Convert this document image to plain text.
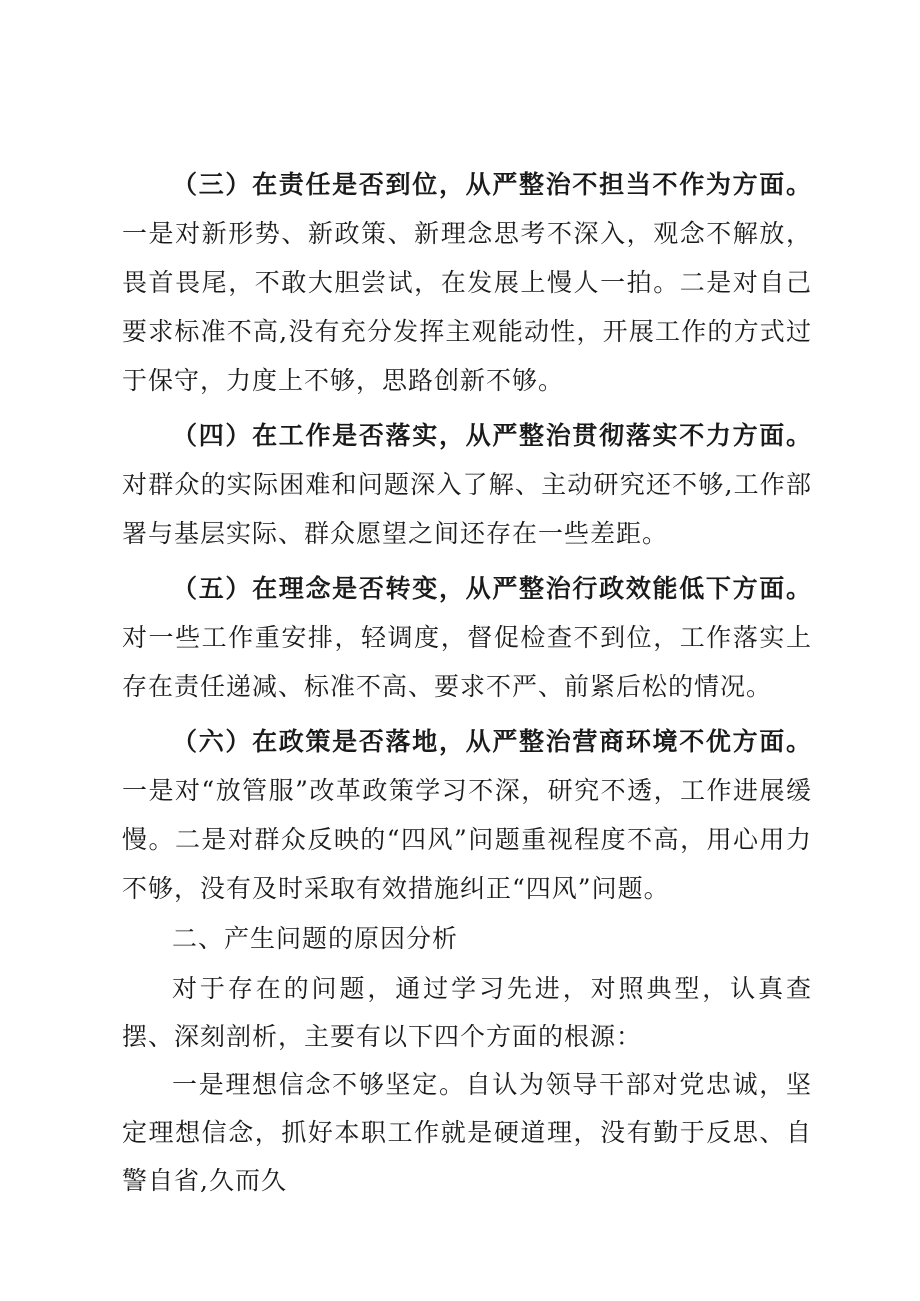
（三）在责任是否到位，从严整治不担当不作为方面。一是对新形势、新政策、新理念思考不深入，观念不解放，畏首畏尾，不敢大胆尝试，在发展上慢人一拍。二是对自己要求标准不高,没有充分发挥主观能动性，开展工作的方式过于保守，力度上不够，思路创新不够。

（四）在工作是否落实，从严整治贯彻落实不力方面。对群众的实际困难和问题深入了解、主动研究还不够,工作部署与基层实际、群众愿望之间还存在一些差距。

（五）在理念是否转变，从严整治行政效能低下方面。对一些工作重安排，轻调度，督促检查不到位，工作落实上存在责任递减、标准不高、要求不严、前紧后松的情况。

（六）在政策是否落地，从严整治营商环境不优方面。一是对“放管服”改革政策学习不深，研究不透，工作进展缓慢。二是对群众反映的“四风”问题重视程度不高，用心用力不够，没有及时采取有效措施纠正“四风”问题。

二、产生问题的原因分析

对于存在的问题，通过学习先进，对照典型，认真查摆、深刻剖析，主要有以下四个方面的根源：

一是理想信念不够坚定。自认为领导干部对党忠诚，坚定理想信念，抓好本职工作就是硬道理，没有勤于反思、自警自省,久而久
